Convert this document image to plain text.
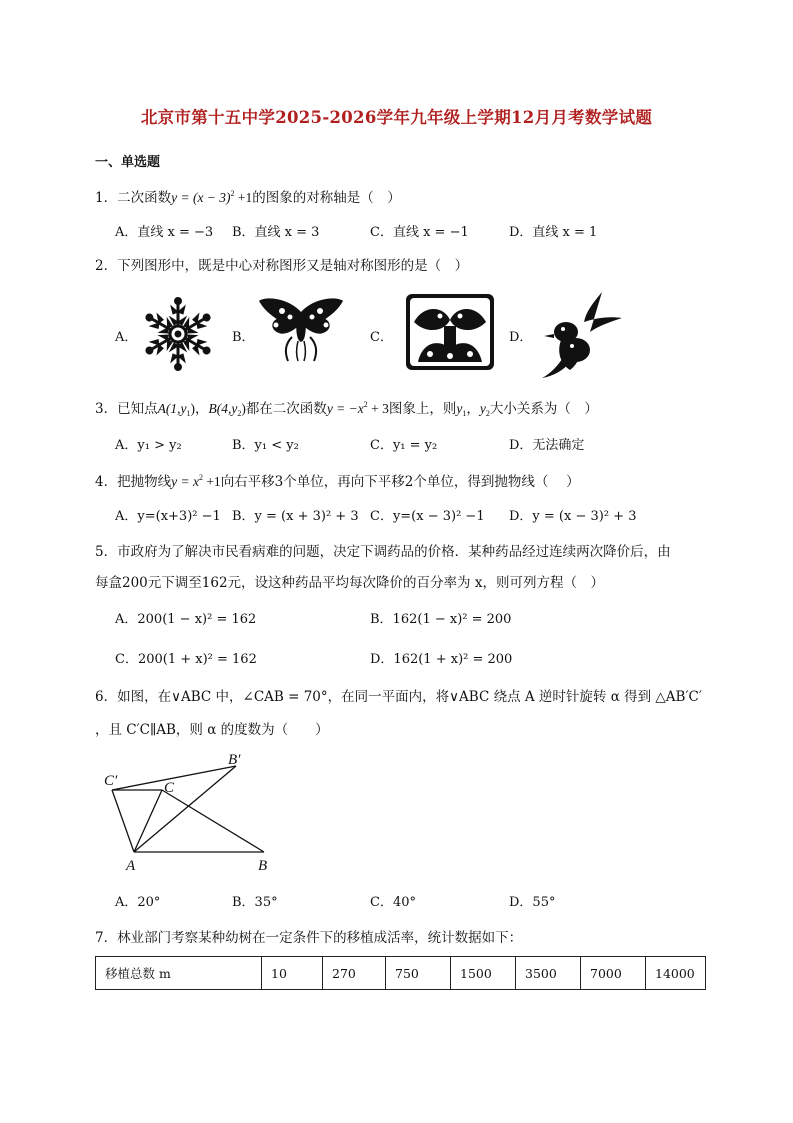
北京市第十五中学2025-2026学年九年级上学期12月月考数学试题
一、单选题
1．二次函数$y = (x - 3)^2 +1$的图象的对称轴是（　）
A．直线 x = −3 B．直线 x = 3	C．直线 x = −1	D．直线 x = 1
2．下列图形中，既是中心对称图形又是轴对称图形的是（　）
A．	B．	C．	D．
3．已知点$A(1,y_1)$，$B(4,y_2)$都在二次函数$y = -x^2 + 3$图象上，则$y_1$，$y_2$大小关系为（　）
A．y₁ > y₂	B．y₁ < y₂	C．y₁ = y₂	D．无法确定
4．把抛物线$y = x^2 +1$向右平移3个单位，再向下平移2个单位，得到抛物线（　 ）
A．y=(x+3)² −1 B．y = (x + 3)² + 3 C．y=(x − 3)² −1 D．y = (x − 3)² + 3
5．市政府为了解决市民看病难的问题，决定下调药品的价格．某种药品经过连续两次降价后，由
每盒200元下调至162元，设这种药品平均每次降价的百分率为 x，则可列方程（　）
A．200(1 − x)² = 162	B．162(1 − x)² = 200
C．200(1 + x)² = 162	D．162(1 + x)² = 200
6．如图，在∨ABC 中，∠CAB = 70°，在同一平面内，将∨ABC 绕点 A 逆时针旋转 α 得到 △AB′C′
，且 C′C∥AB，则 α 的度数为（　　）
A	B
C
B′
C′
A．20°	B．35°	C．40°	D．55°
7．林业部门考察某种幼树在一定条件下的移植成活率，统计数据如下：
移植总数 m	10	270	750	1500	3500	7000	14000
